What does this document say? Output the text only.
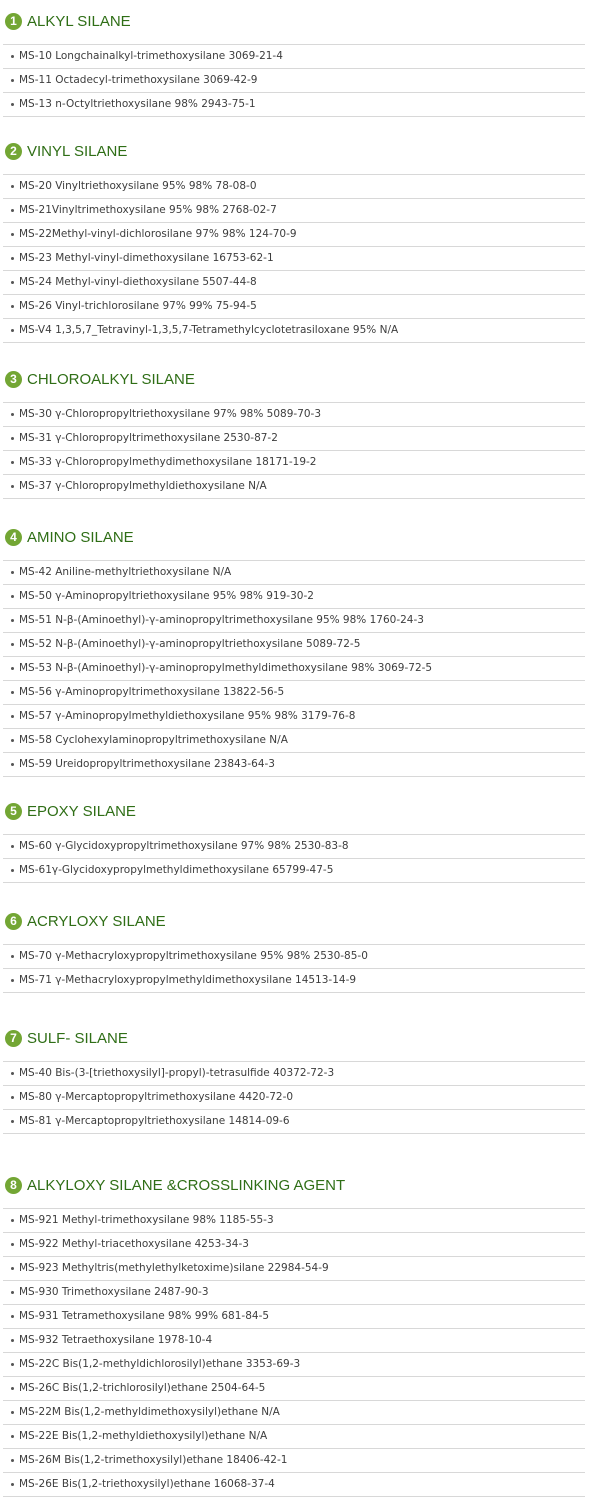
1 ALKYL SILANE
MS-10 Longchainalkyl-trimethoxysilane 3069-21-4
MS-11 Octadecyl-trimethoxysilane 3069-42-9
MS-13 n-Octyltriethoxysilane 98% 2943-75-1
2 VINYL SILANE
MS-20 Vinyltriethoxysilane 95% 98% 78-08-0
MS-21Vinyltrimethoxysilane 95% 98% 2768-02-7
MS-22Methyl-vinyl-dichlorosilane 97% 98% 124-70-9
MS-23 Methyl-vinyl-dimethoxysilane 16753-62-1
MS-24 Methyl-vinyl-diethoxysilane 5507-44-8
MS-26 Vinyl-trichlorosilane 97% 99% 75-94-5
MS-V4 1,3,5,7_Tetravinyl-1,3,5,7-Tetramethylcyclotetrasiloxane 95% N/A
3 CHLOROALKYL SILANE
MS-30 γ-Chloropropyltriethoxysilane 97% 98% 5089-70-3
MS-31 γ-Chloropropyltrimethoxysilane 2530-87-2
MS-33 γ-Chloropropylmethydimethoxysilane 18171-19-2
MS-37 γ-Chloropropylmethyldiethoxysilane N/A
4 AMINO SILANE
MS-42 Aniline-methyltriethoxysilane N/A
MS-50 γ-Aminopropyltriethoxysilane 95% 98% 919-30-2
MS-51 N-β-(Aminoethyl)-γ-aminopropyltrimethoxysilane 95% 98% 1760-24-3
MS-52 N-β-(Aminoethyl)-γ-aminopropyltriethoxysilane 5089-72-5
MS-53 N-β-(Aminoethyl)-γ-aminopropylmethyldimethoxysilane 98% 3069-72-5
MS-56 γ-Aminopropyltrimethoxysilane 13822-56-5
MS-57 γ-Aminopropylmethyldiethoxysilane 95% 98% 3179-76-8
MS-58 Cyclohexylaminopropyltrimethoxysilane N/A
MS-59 Ureidopropyltrimethoxysilane 23843-64-3
5 EPOXY SILANE
MS-60 γ-Glycidoxypropyltrimethoxysilane 97% 98% 2530-83-8
MS-61γ-Glycidoxypropylmethyldimethoxysilane 65799-47-5
6 ACRYLOXY SILANE
MS-70 γ-Methacryloxypropyltrimethoxysilane 95% 98% 2530-85-0
MS-71 γ-Methacryloxypropylmethyldimethoxysilane 14513-14-9
7 SULF- SILANE
MS-40 Bis-(3-[triethoxysilyl]-propyl)-tetrasulfide 40372-72-3
MS-80 γ-Mercaptopropyltrimethoxysilane 4420-72-0
MS-81 γ-Mercaptopropyltriethoxysilane 14814-09-6
8 ALKYLOXY SILANE &CROSSLINKING AGENT
MS-921 Methyl-trimethoxysilane 98% 1185-55-3
MS-922 Methyl-triacethoxysilane 4253-34-3
MS-923 Methyltris(methylethylketoxime)silane 22984-54-9
MS-930 Trimethoxysilane 2487-90-3
MS-931 Tetramethoxysilane 98% 99% 681-84-5
MS-932 Tetraethoxysilane 1978-10-4
MS-22C Bis(1,2-methyldichlorosilyl)ethane 3353-69-3
MS-26C Bis(1,2-trichlorosilyl)ethane 2504-64-5
MS-22M Bis(1,2-methyldimethoxysilyl)ethane N/A
MS-22E Bis(1,2-methyldiethoxysilyl)ethane N/A
MS-26M Bis(1,2-trimethoxysilyl)ethane 18406-42-1
MS-26E Bis(1,2-triethoxysilyl)ethane 16068-37-4
